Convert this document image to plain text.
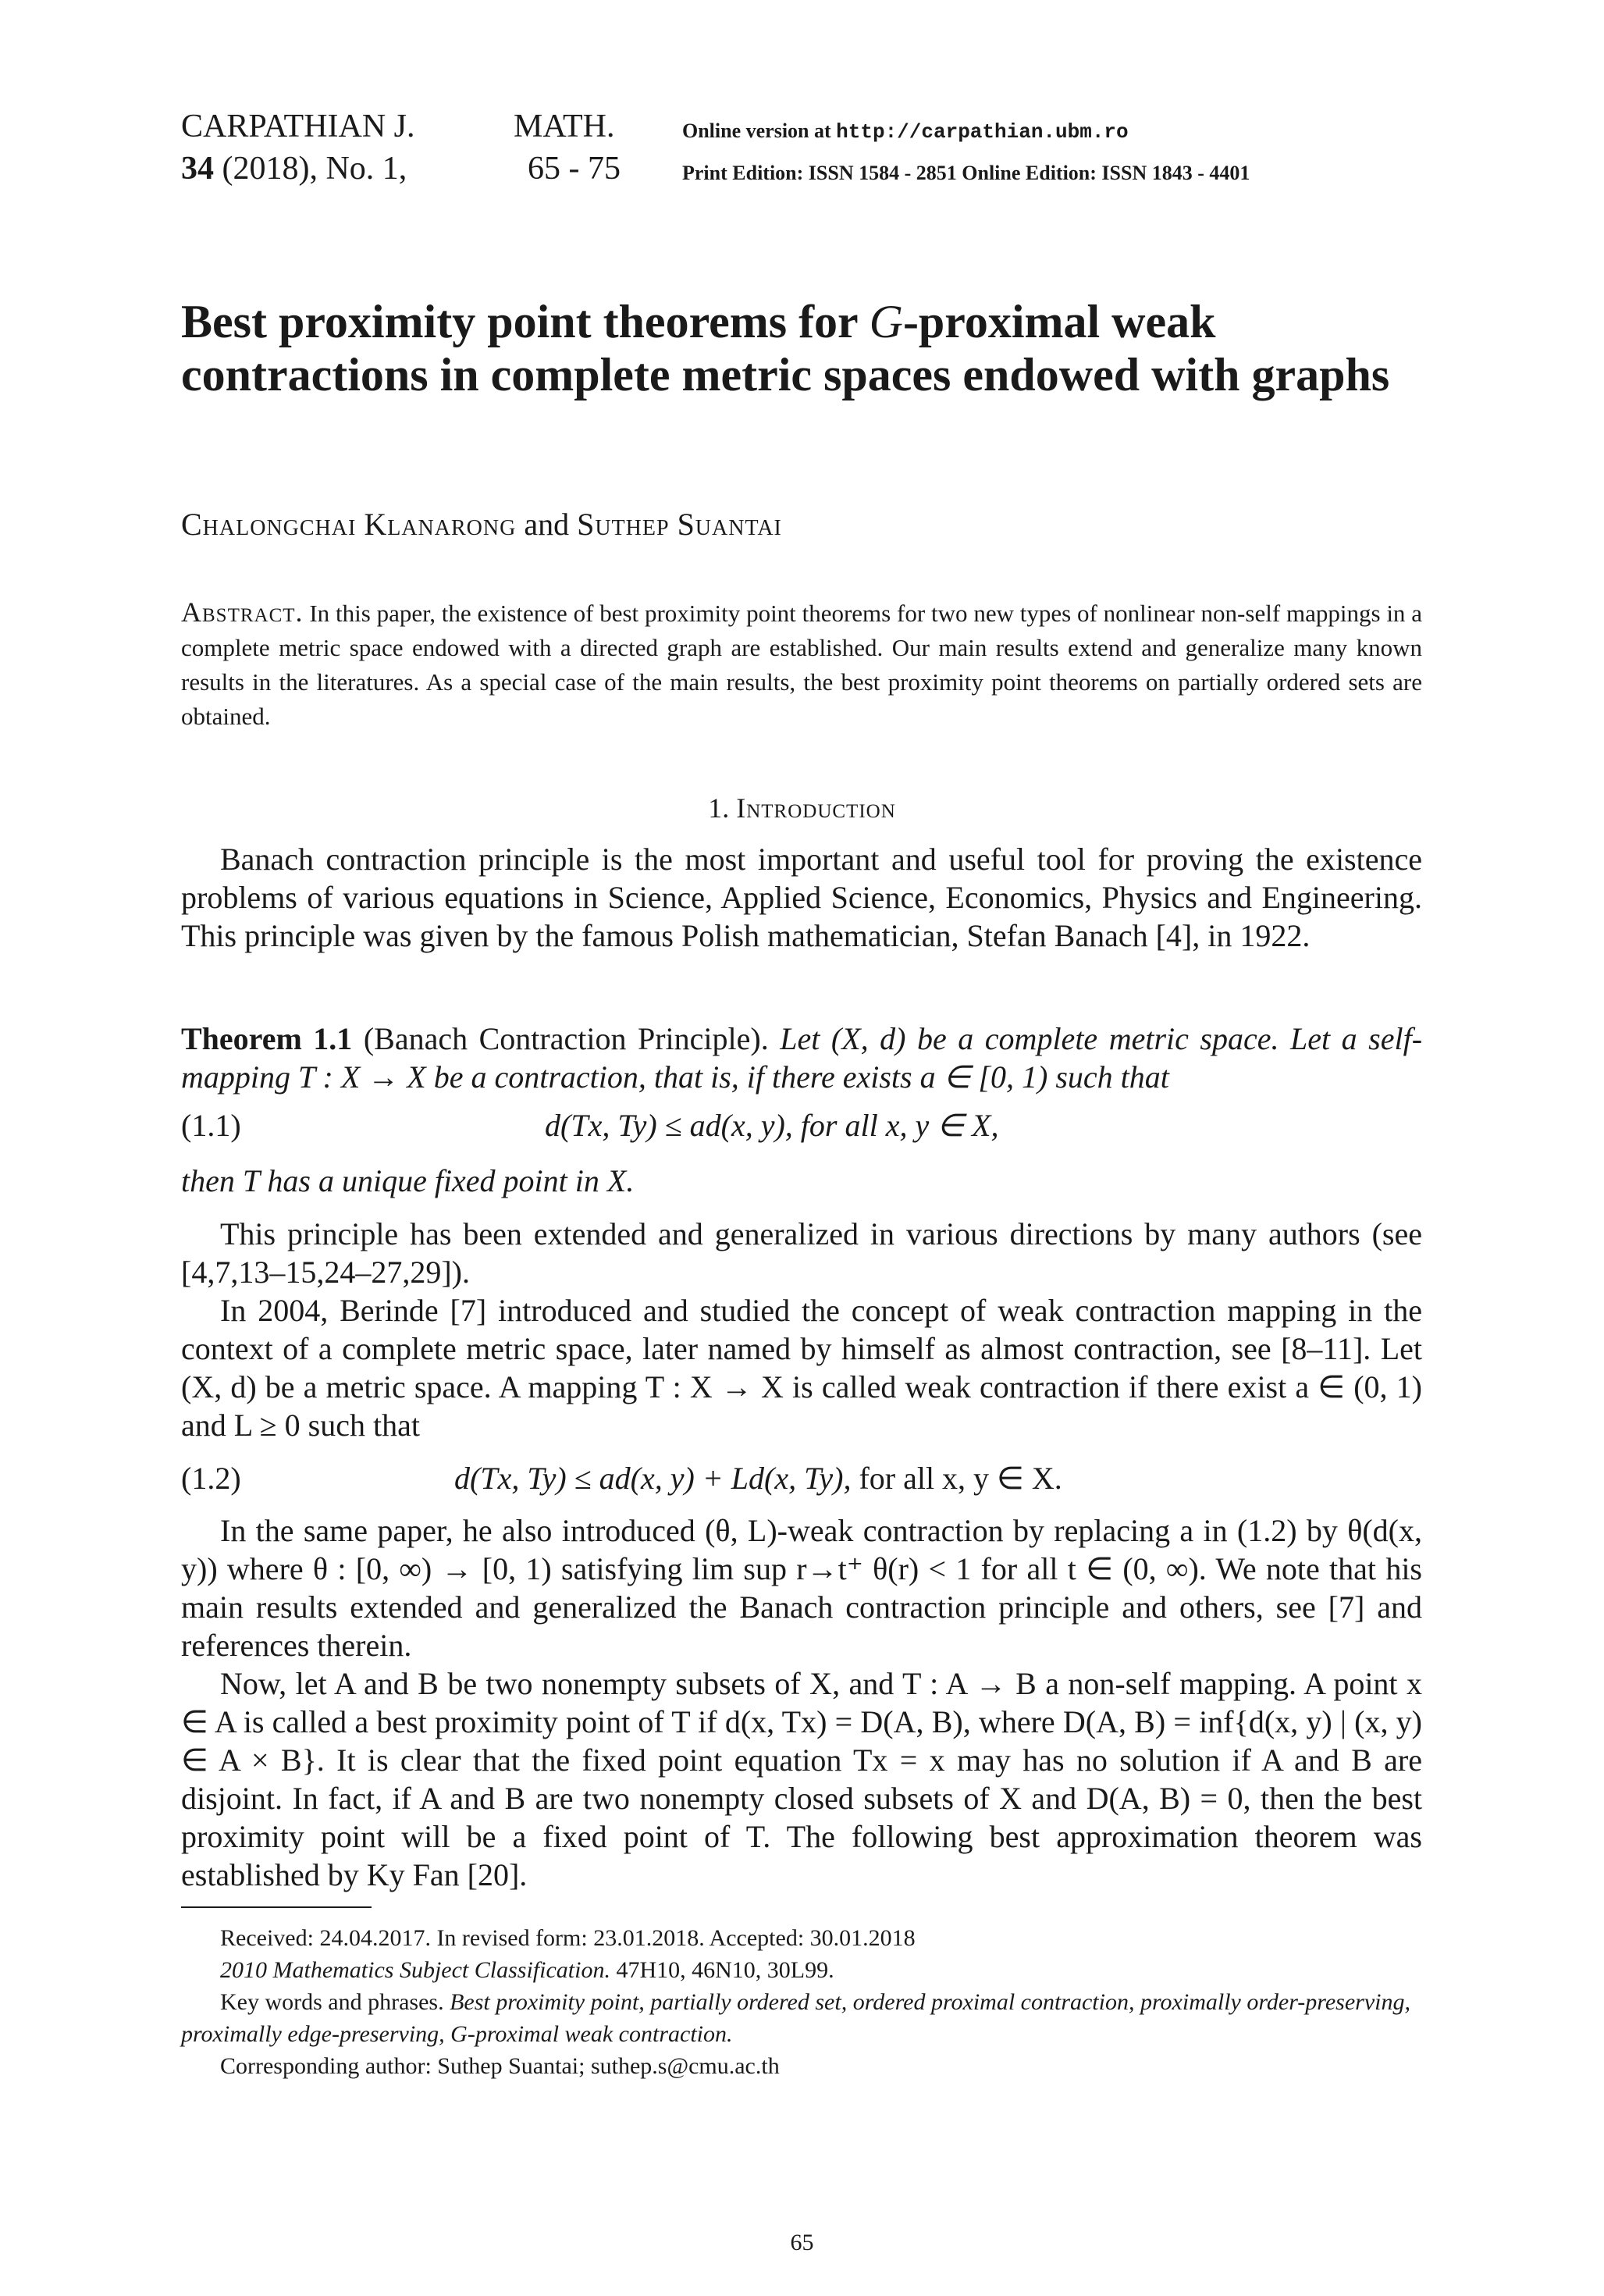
CARPATHIAN J.	MATH.	Online version at http://carpathian.ubm.ro
34 (2018), No. 1,	65 - 75	Print Edition: ISSN 1584 - 2851 Online Edition: ISSN 1843 - 4401
Best proximity point theorems for G-proximal weak contractions in complete metric spaces endowed with graphs
Chalongchai Klanarong and Suthep Suantai
Abstract. In this paper, the existence of best proximity point theorems for two new types of nonlinear non-self mappings in a complete metric space endowed with a directed graph are established. Our main results extend and generalize many known results in the literatures. As a special case of the main results, the best proximity point theorems on partially ordered sets are obtained.
1. Introduction

Banach contraction principle is the most important and useful tool for proving the existence problems of various equations in Science, Applied Science, Economics, Physics and Engineering. This principle was given by the famous Polish mathematician, Stefan Banach [4], in 1922.

Theorem 1.1 (Banach Contraction Principle). Let (X, d) be a complete metric space. Let a self-mapping T : X → X be a contraction, that is, if there exists a ∈ [0, 1) such that

(1.1)	d(Tx, Ty) ≤ ad(x, y), for all x, y ∈ X,

then T has a unique fixed point in X.

This principle has been extended and generalized in various directions by many authors (see [4,7,13–15,24–27,29]).

In 2004, Berinde [7] introduced and studied the concept of weak contraction mapping in the context of a complete metric space, later named by himself as almost contraction, see [8–11]. Let (X, d) be a metric space. A mapping T : X → X is called weak contraction if there exist a ∈ (0, 1) and L ≥ 0 such that

(1.2)	d(Tx, Ty) ≤ ad(x, y) + Ld(x, Ty), for all x, y ∈ X.

In the same paper, he also introduced (θ, L)-weak contraction by replacing a in (1.2) by θ(d(x, y)) where θ : [0, ∞) → [0, 1) satisfying lim sup r→t⁺ θ(r) < 1 for all t ∈ (0, ∞). We note that his main results extended and generalized the Banach contraction principle and others, see [7] and references therein.

Now, let A and B be two nonempty subsets of X, and T : A → B a non-self mapping. A point x ∈ A is called a best proximity point of T if d(x, Tx) = D(A, B), where D(A, B) = inf{d(x, y) | (x, y) ∈ A × B}. It is clear that the fixed point equation Tx = x may has no solution if A and B are disjoint. In fact, if A and B are two nonempty closed subsets of X and D(A, B) = 0, then the best proximity point will be a fixed point of T. The following best approximation theorem was established by Ky Fan [20].

Received: 24.04.2017. In revised form: 23.01.2018. Accepted: 30.01.2018

2010 Mathematics Subject Classification. 47H10, 46N10, 30L99.

Key words and phrases. Best proximity point, partially ordered set, ordered proximal contraction, proximally order-preserving, proximally edge-preserving, G-proximal weak contraction.

Corresponding author: Suthep Suantai; suthep.s@cmu.ac.th

65
